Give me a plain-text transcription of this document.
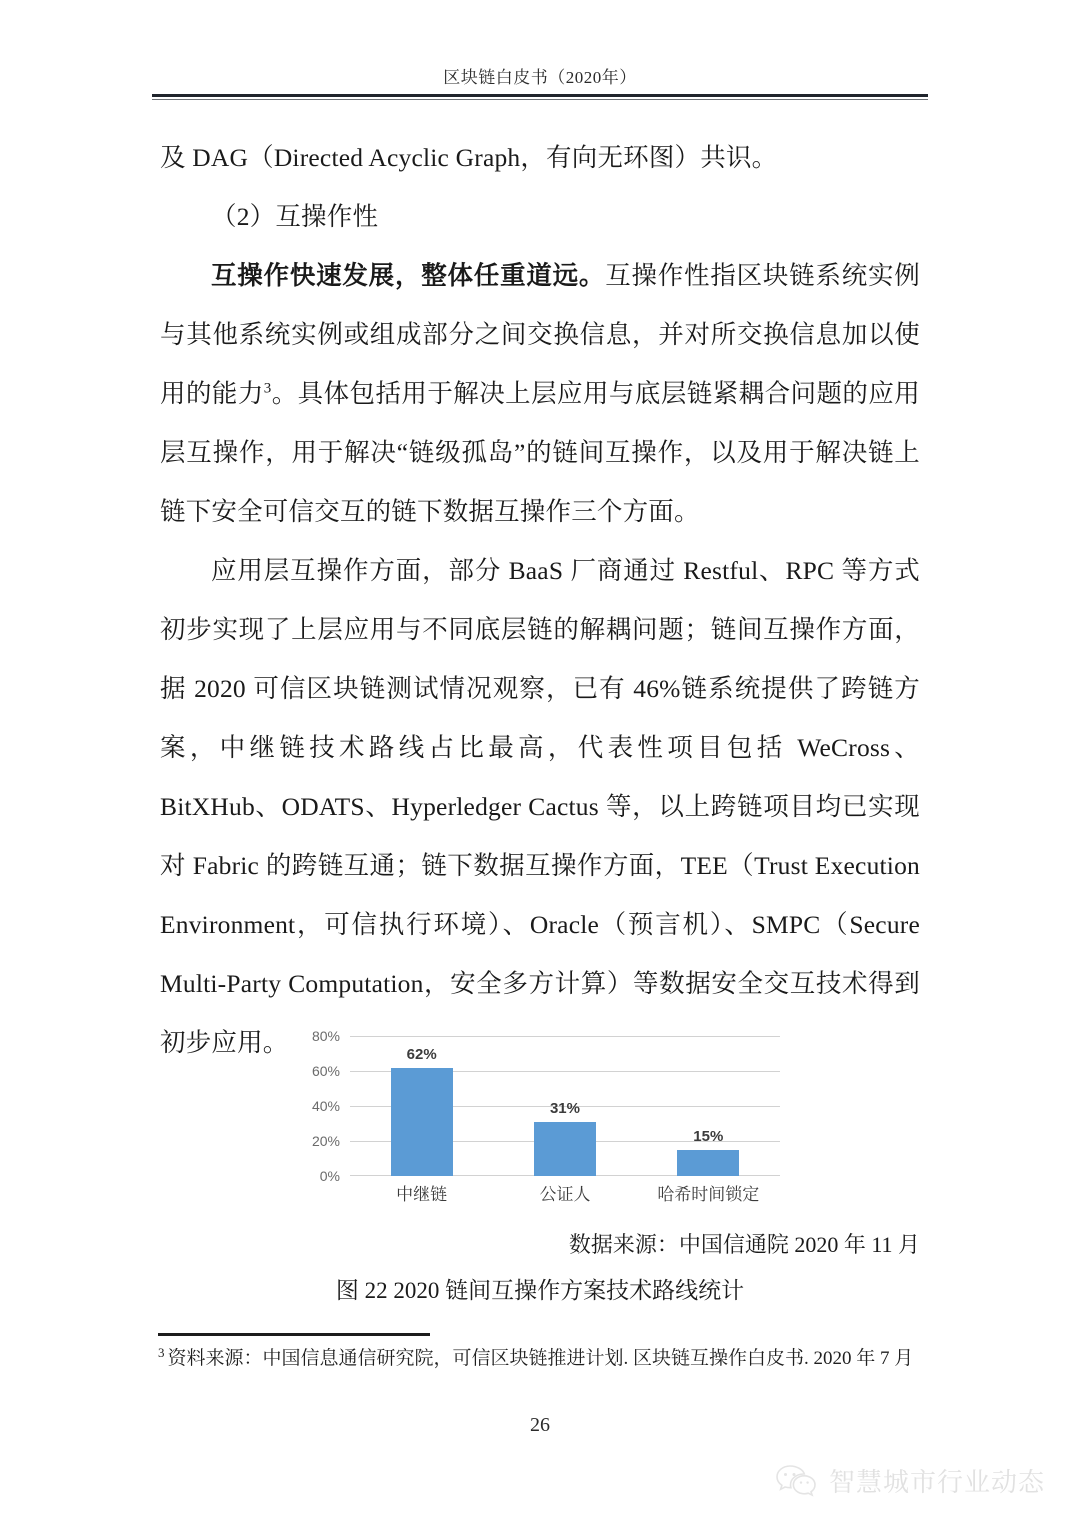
区块链白皮书（2020年）

及 DAG（Directed Acyclic Graph，有向无环图）共识。

（2）互操作性

互操作快速发展，整体任重道远。互操作性指区块链系统实例与其他系统实例或组成部分之间交换信息，并对所交换信息加以使用的能力$^3$。具体包括用于解决上层应用与底层链紧耦合问题的应用层互操作，用于解决“链级孤岛”的链间互操作，以及用于解决链上链下安全可信交互的链下数据互操作三个方面。

应用层互操作方面，部分 BaaS 厂商通过 Restful、RPC 等方式初步实现了上层应用与不同底层链的解耦问题；链间互操作方面，据 2020 可信区块链测试情况观察，已有 46%链系统提供了跨链方案，中继链技术路线占比最高，代表性项目包括 WeCross、BitXHub、ODATS、Hyperledger Cactus 等，以上跨链项目均已实现对 Fabric 的跨链互通；链下数据互操作方面，TEE（Trust Execution Environment，可信执行环境）、Oracle（预言机）、SMPC（Secure Multi-Party Computation，安全多方计算）等数据安全交互技术得到初步应用。	80%
60%
40%
20%
0%
62%
31%
15%
中继链	公证人	哈希时间锁定
数据来源：中国信通院 2020 年 11 月
图 22 2020 链间互操作方案技术路线统计
$^3$ 资料来源：中国信息通信研究院，可信区块链推进计划. 区块链互操作白皮书. 2020 年 7 月
26
智慧城市行业动态
